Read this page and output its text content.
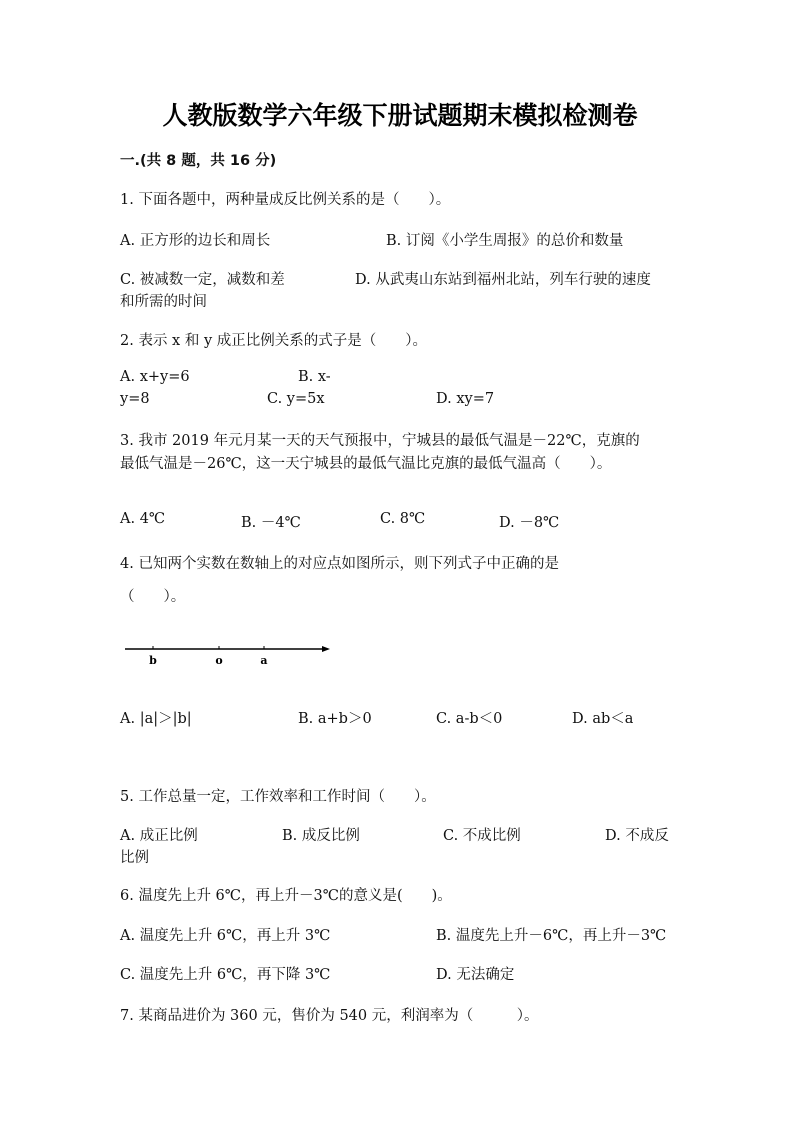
人教版数学六年级下册试题期末模拟检测卷
一.(共 8 题，共 16 分)
1. 下面各题中，两种量成反比例关系的是（　　）。
A. 正方形的边长和周长	B. 订阅《小学生周报》的总价和数量
C. 被减数一定，减数和差	D. 从武夷山东站到福州北站，列车行驶的速度
和所需的时间
2. 表示 x 和 y 成正比例关系的式子是（　　）。
A. x+y=6	B. x-
y=8	C. y=5x	D. xy=7
3. 我市 2019 年元月某一天的天气预报中，宁城县的最低气温是－22℃，克旗的
最低气温是－26℃，这一天宁城县的最低气温比克旗的最低气温高（　　）。
A. 4℃	B. －4℃	C. 8℃	D. －8℃
4. 已知两个实数在数轴上的对应点如图所示，则下列式子中正确的是
（　　）。
b	o	a
A. |a|＞|b|	B. a+b＞0	C. a-b＜0	D. ab＜a
5. 工作总量一定，工作效率和工作时间（　　）。
A. 成正比例	B. 成反比例	C. 不成比例	D. 不成反
比例
6. 温度先上升 6℃，再上升－3℃的意义是(　　)。
A. 温度先上升 6℃，再上升 3℃	B. 温度先上升－6℃，再上升－3℃
C. 温度先上升 6℃，再下降 3℃	D. 无法确定
7. 某商品进价为 360 元，售价为 540 元，利润率为（　　　）。
